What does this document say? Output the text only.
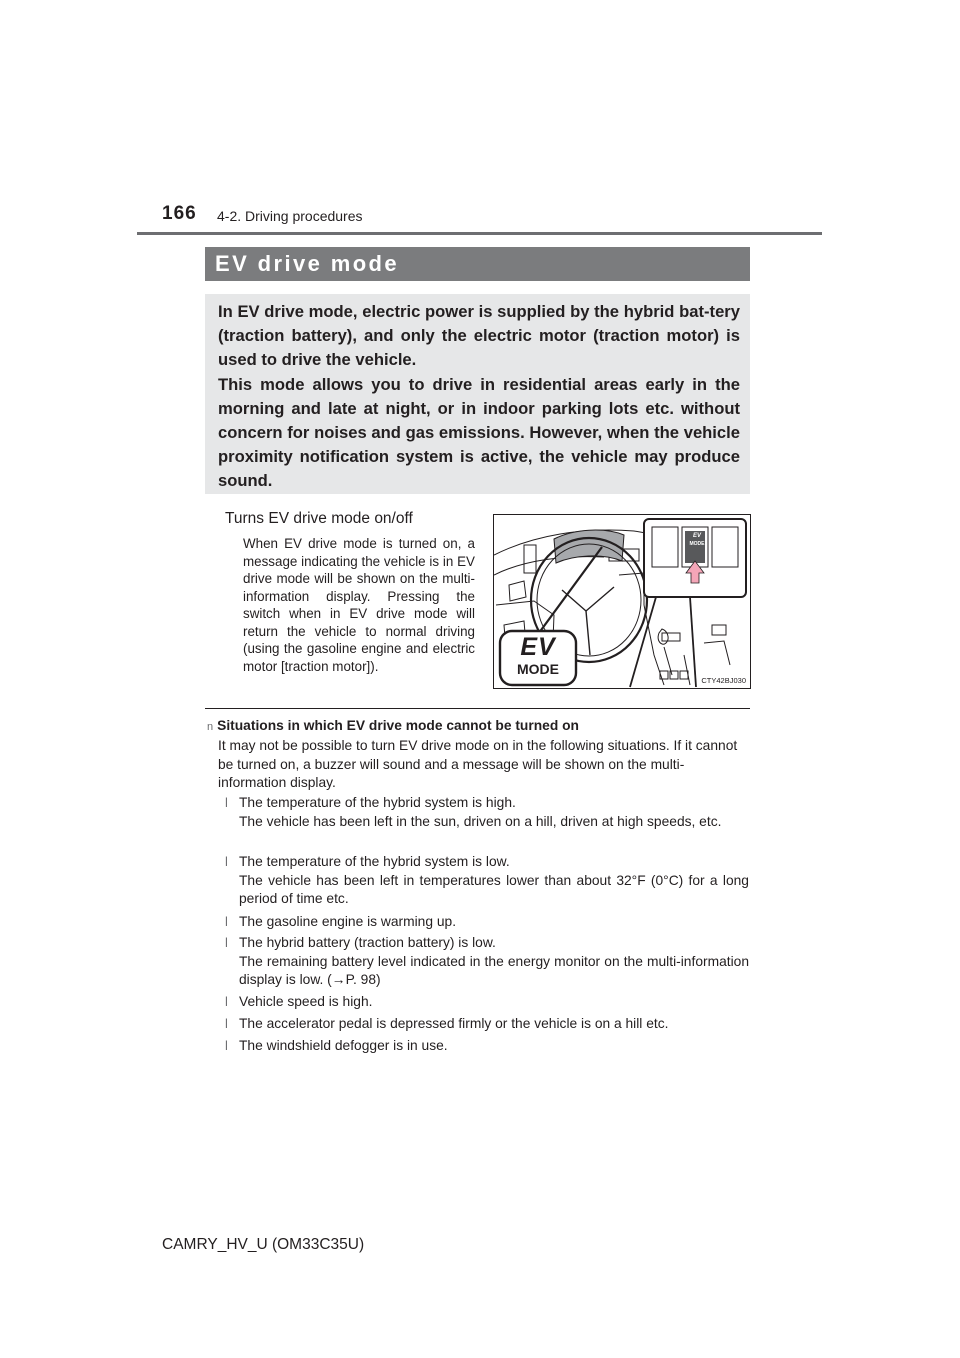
166 4-2. Driving procedures
EV drive mode
In EV drive mode, electric power is supplied by the hybrid bat-tery (traction battery), and only the electric motor (traction motor) is used to drive the vehicle.
This mode allows you to drive in residential areas early in the morning and late at night, or in indoor parking lots etc. without concern for noises and gas emissions. However, when the vehicle proximity notification system is active, the vehicle may produce sound.
Turns EV drive mode on/off
When EV drive mode is turned on, a message indicating the vehicle is in EV drive mode will be shown on the multi-information display. Pressing the switch when in EV drive mode will return the vehicle to normal driving (using the gasoline engine and electric motor [traction motor]).
EV
MODE
EV
MODE
CTY42BJ030
n Situations in which EV drive mode cannot be turned on
It may not be possible to turn EV drive mode on in the following situations. If it cannot be turned on, a buzzer will sound and a message will be shown on the multi-information display.
l The temperature of the hybrid system is high.
The vehicle has been left in the sun, driven on a hill, driven at high speeds, etc.
l The temperature of the hybrid system is low.
The vehicle has been left in temperatures lower than about 32°F (0°C) for a long period of time etc.
l The gasoline engine is warming up.
l The hybrid battery (traction battery) is low.
The remaining battery level indicated in the energy monitor on the multi-information display is low. (→P. 98)
l Vehicle speed is high.
l The accelerator pedal is depressed firmly or the vehicle is on a hill etc.
l The windshield defogger is in use.
CAMRY_HV_U (OM33C35U)
